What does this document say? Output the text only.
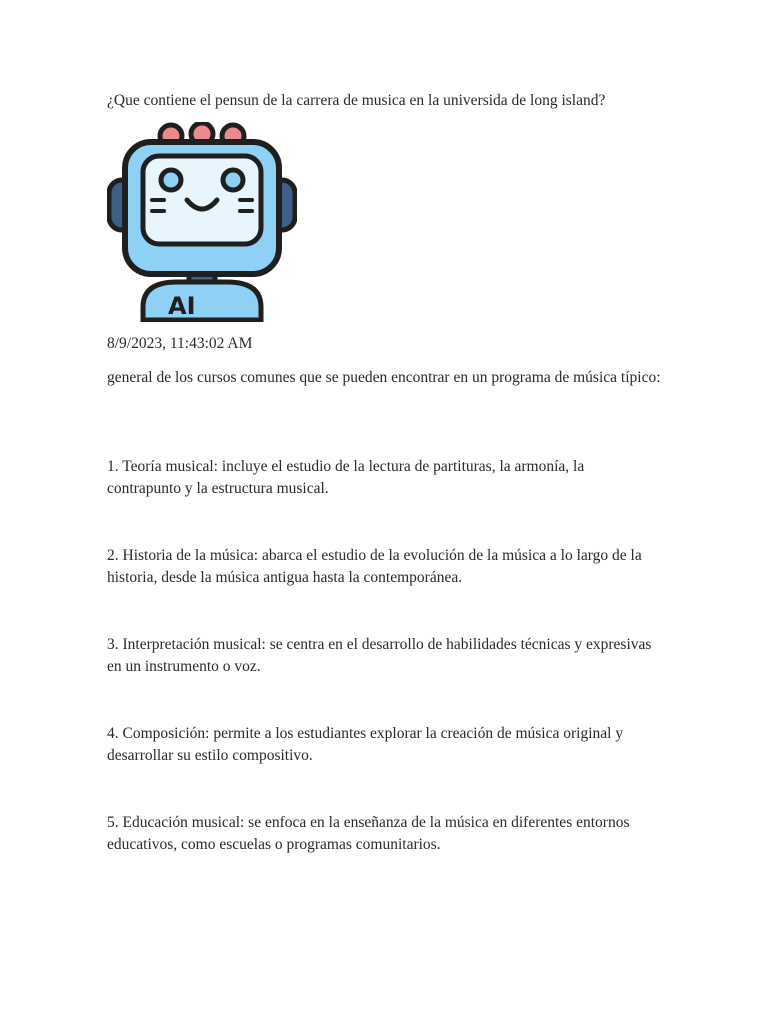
¿Que contiene el pensun de la carrera de musica en la universida de long island?
AI
8/9/2023, 11:43:02 AM
general de los cursos comunes que se pueden encontrar en un programa de música típico:
1. Teoría musical: incluye el estudio de la lectura de partituras, la armonía, la contrapunto y la estructura musical.
2. Historia de la música: abarca el estudio de la evolución de la música a lo largo de la historia, desde la música antigua hasta la contemporánea.
3. Interpretación musical: se centra en el desarrollo de habilidades técnicas y expresivas en un instrumento o voz.
4. Composición: permite a los estudiantes explorar la creación de música original y desarrollar su estilo compositivo.
5. Educación musical: se enfoca en la enseñanza de la música en diferentes entornos educativos, como escuelas o programas comunitarios.
